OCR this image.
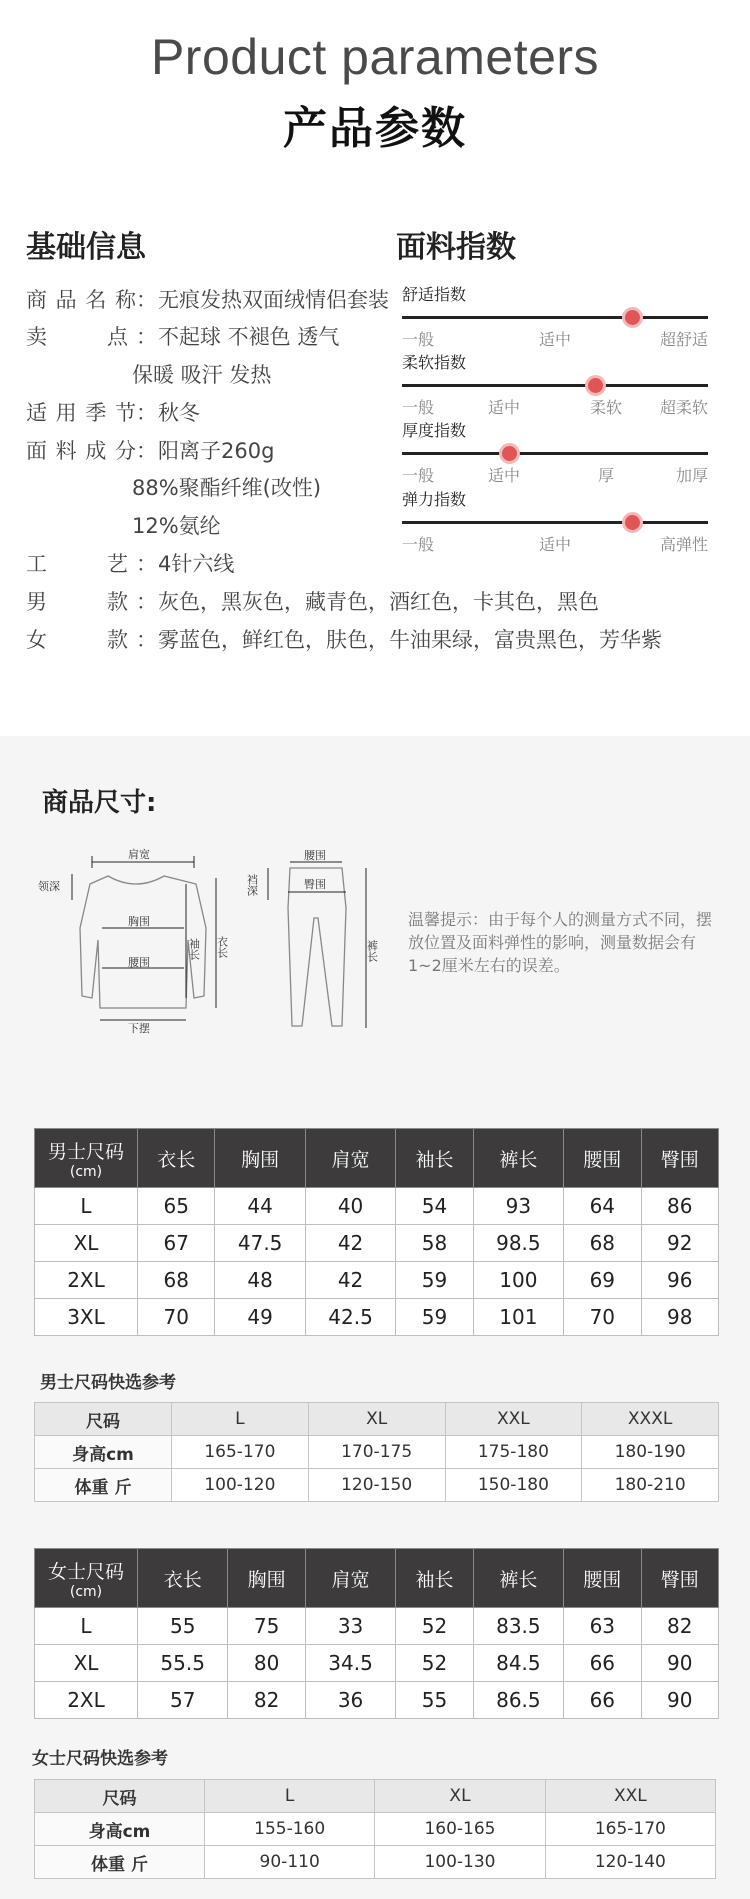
Product parameters
产品参数
基础信息
商品名称 ： 无痕发热双面绒情侣套装
卖点 ： 不起球 不褪色 透气
保暖 吸汗 发热
适用季节 ： 秋冬
面料成分 ： 阳离子260g
88%聚酯纤维(改性)
12%氨纶
工艺 ： 4针六线
男款 ： 灰色，黑灰色，藏青色，酒红色，卡其色，黑色
女款 ： 雾蓝色，鲜红色，肤色，牛油果绿，富贵黑色，芳华紫
面料指数
舒适指数
一般	适中	超舒适
柔软指数
一般	适中	柔软 超柔软
厚度指数
一般	适中	厚	加厚
弹力指数
一般	适中	高弹性
商品尺寸:
肩宽
领深
胸围
袖长 衣长
腰围
下摆
腰围
臀围
裆深
裤长
温馨提示：由于每个人的测量方式不同，摆放位置及面料弹性的影响，测量数据会有1~2厘米左右的误差。
男士尺码
(cm)	衣长	胸围	肩宽	袖长	裤长	腰围	臀围
L	65	44	40	54	93	64	86
XL	67	47.5	42	58	98.5	68	92
2XL	68	48	42	59	100	69	96
3XL	70	49	42.5	59	101	70	98
男士尺码快选参考
尺码	L	XL	XXL	XXXL
身高cm	165-170	170-175	175-180	180-190
体重 斤	100-120	120-150	150-180	180-210
女士尺码
(cm)	衣长	胸围	肩宽	袖长	裤长	腰围	臀围
L	55	75	33	52	83.5	63	82
XL	55.5	80	34.5	52	84.5	66	90
2XL	57	82	36	55	86.5	66	90
女士尺码快选参考
尺码	L	XL	XXL
身高cm	155-160	160-165	165-170
体重 斤	90-110	100-130	120-140
